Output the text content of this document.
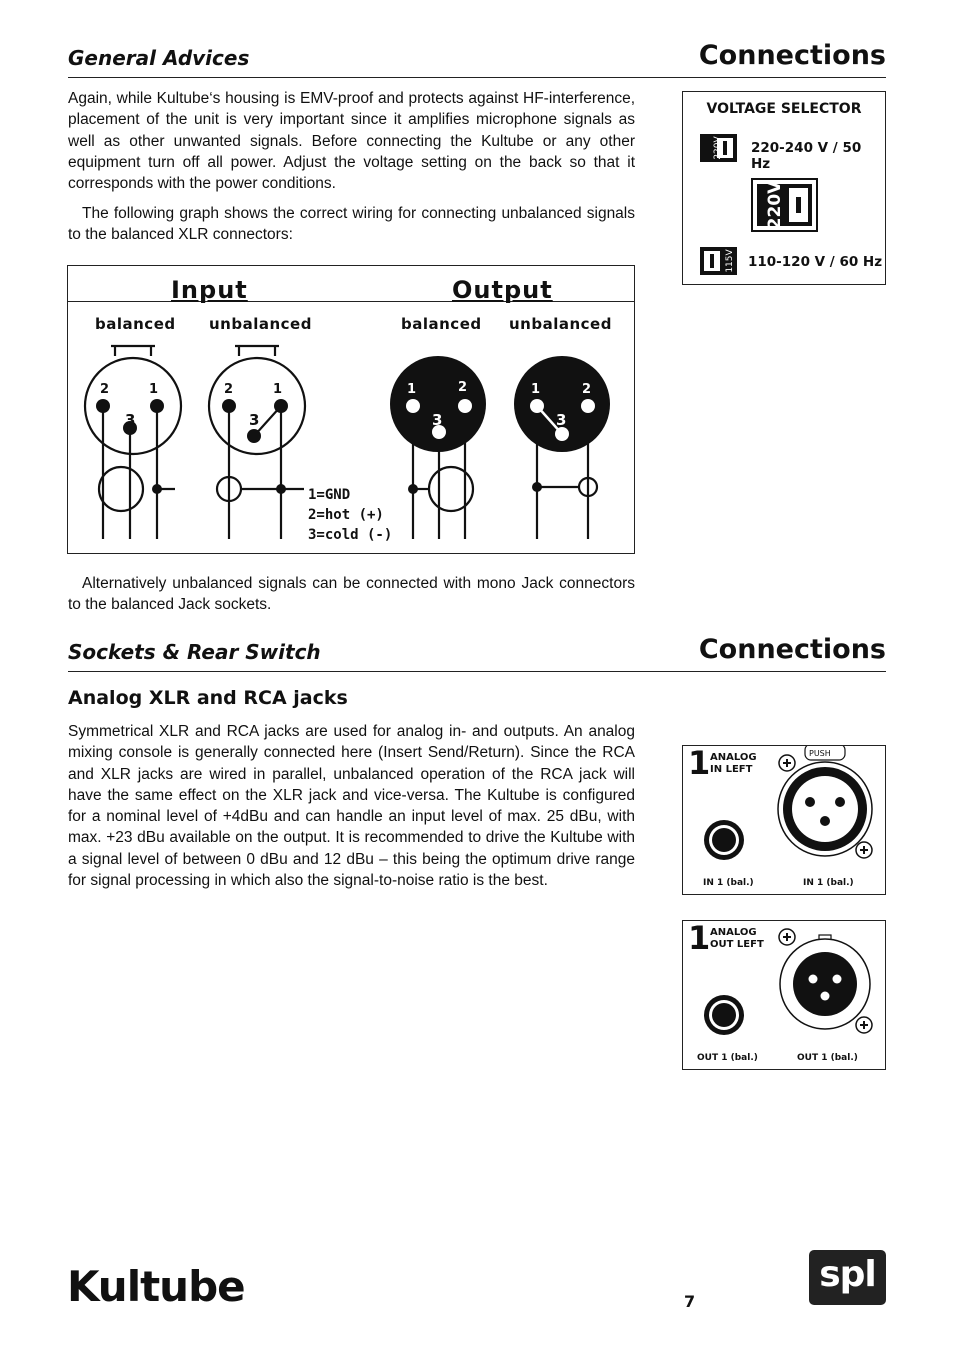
General Advices	Connections
Again, while Kultube‘s housing is EMV-proof and protects against HF-interference, placement of the unit is very important since it amplifies microphone signals as well as other unwanted signals. Before connecting the Kultube or any other equipment turn off all power. Adjust the voltage setting on the back so that it corresponds with the power conditions.
The following graph shows the correct wiring for connecting unbalanced signals to the balanced XLR connectors:
VOLTAGE SELECTOR
220V
220V
115V
220-240 V / 50 Hz
110-120 V / 60 Hz
Input	Output
balanced unbalanced	balanced unbalanced
2	1
3
2	1
3
1	2
3
1	2
3
1=GND
2=hot (+)
3=cold (-)
Alternatively unbalanced signals can be connected with mono Jack connectors to the balanced Jack sockets.
Sockets & Rear Switch	Connections
Analog XLR and RCA jacks
Symmetrical XLR and RCA jacks are used for analog in- and outputs. An analog mixing console is generally connected here (Insert Send/Return). Since the RCA and XLR jacks are wired in parallel, unbalanced operation of the RCA jack will have the same effect on the XLR jack and vice-versa. The Kultube is configured for a nominal level of +4dBu and can handle an input level of max. 25 dBu, with max. +23 dBu available on the output. It is recommended to drive the Kultube with a signal level of between 0 dBu and 12 dBu – this being the optimum drive range for signal processing in which also the signal-to-noise ratio is the best.
1 ANALOG
IN LEFT
PUSH
IN 1 (bal.)	IN 1 (bal.)
1 ANALOG
OUT LEFT
OUT 1 (bal.)	OUT 1 (bal.)
Kultube	7
spl
